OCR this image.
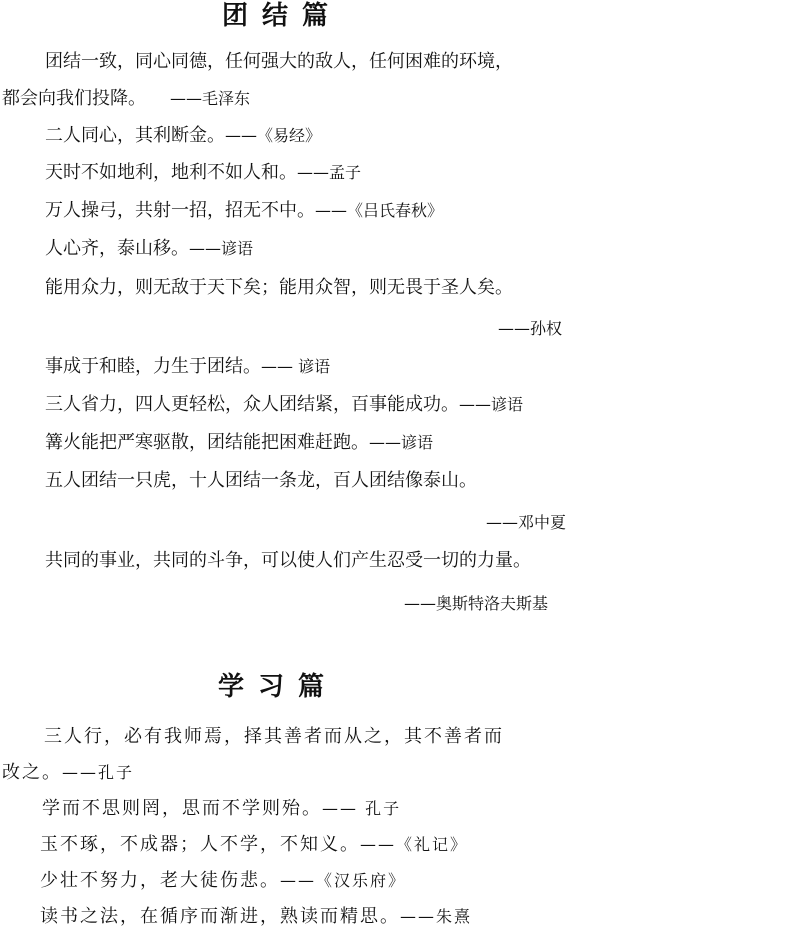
团结篇
团结一致，同心同德，任何强大的敌人，任何困难的环境，
都会向我们投降。 ——毛泽东
二人同心，其利断金。——《易经》
天时不如地利，地利不如人和。——孟子
万人操弓，共射一招，招无不中。——《吕氏春秋》
人心齐，泰山移。——谚语
能用众力，则无敌于天下矣；能用众智，则无畏于圣人矣。
——孙权
事成于和睦，力生于团结。—— 谚语
三人省力，四人更轻松，众人团结紧，百事能成功。——谚语
篝火能把严寒驱散，团结能把困难赶跑。——谚语
五人团结一只虎，十人团结一条龙，百人团结像泰山。
——邓中夏
共同的事业，共同的斗争，可以使人们产生忍受一切的力量。
——奥斯特洛夫斯基
学习篇
三人行，必有我师焉，择其善者而从之，其不善者而
改之。——孔子
学而不思则罔，思而不学则殆。—— 孔子
玉不琢，不成器；人不学，不知义。——《礼记》
少壮不努力，老大徒伤悲。——《汉乐府》
读书之法，在循序而渐进，熟读而精思。——朱熹
